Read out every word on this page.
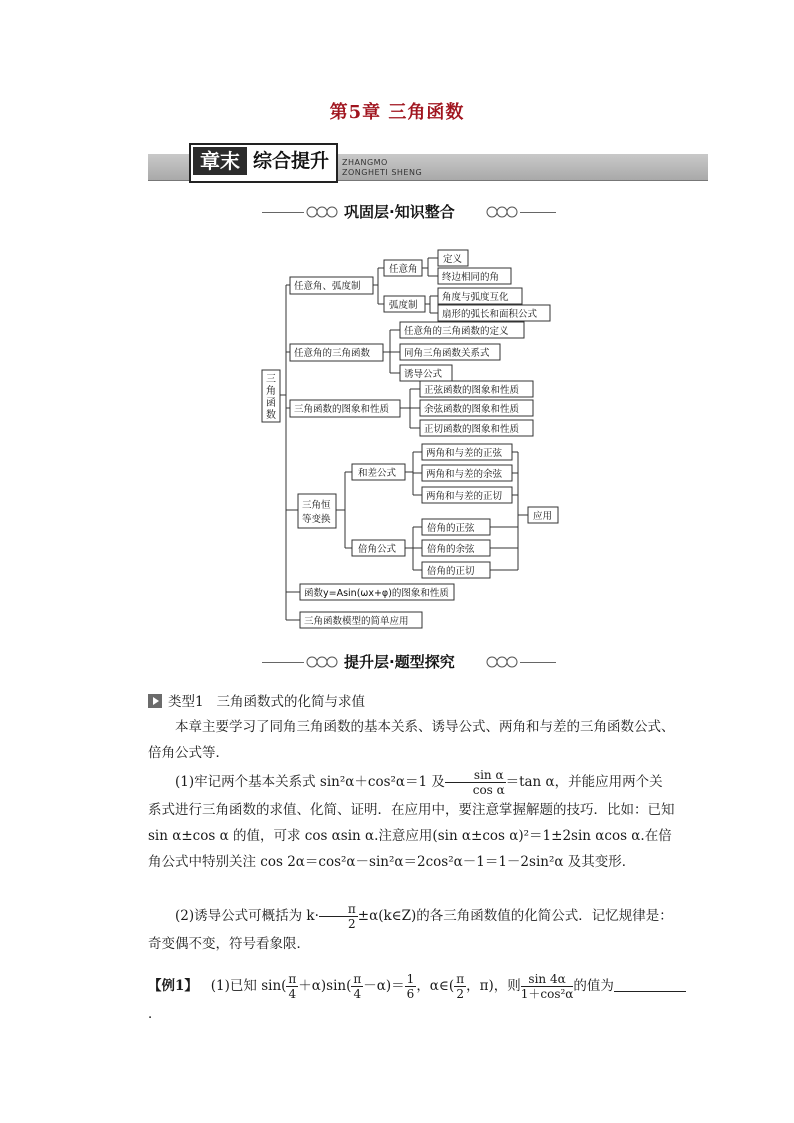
第5章 三角函数
章末 综合提升	ZHANGMO
ZONGHETI SHENG
巩固层·知识整合
三角函数
任意角、弧度制
任意角
定义
终边相同的角
弧度制
角度与弧度互化
扇形的弧长和面积公式
任意角的三角函数
任意角的三角函数的定义
同角三角函数关系式
诱导公式
三角函数的图象和性质
正弦函数的图象和性质
余弦函数的图象和性质
正切函数的图象和性质
三角恒
等变换
和差公式
两角和与差的正弦
两角和与差的余弦
两角和与差的正切
倍角公式
倍角的正弦
倍角的余弦
倍角的正切
应用
函数y=Asin(ωx+φ)的图象和性质
三角函数模型的简单应用
提升层·题型探究
类型1 三角函数式的化简与求值
本章主要学习了同角三角函数的基本关系、诱导公式、两角和与差的三角函数公式、倍角公式等．
(1)牢记两个基本关系式 sin²α＋cos²α＝1 及 $\frac{\text{sin α}}{\text{cos α}} =\tan$ α，并能应用两个关系式进行三角函数的求值、化简、证明．在应用中，要注意掌握解题的技巧．比如：已知 sin α±cos α 的值，可求 cos αsin α.注意应用(sin α±cos α)²＝1±2sin αcos α.在倍角公式中特别关注 cos 2α＝cos²α－sin²α＝2cos²α－1＝1－2sin²α 及其变形．
(2)诱导公式可概括为 $k\cdot \frac{\pi}{2}$ ±α(k∈Z)的各三角函数值的化简公式．记忆规律是：奇变偶不变，符号看象限．
【例1】 (1)已知 $\sin( \frac{\pi}{4} +\alpha)\sin( \frac{\pi}{4} -\alpha)= \frac{1}{6}$ ，α∈( $\frac{\pi}{2}$ ，π)，则 $\frac{\sin 4\alpha}{\text{1＋cos²α}}$ 的值为．
